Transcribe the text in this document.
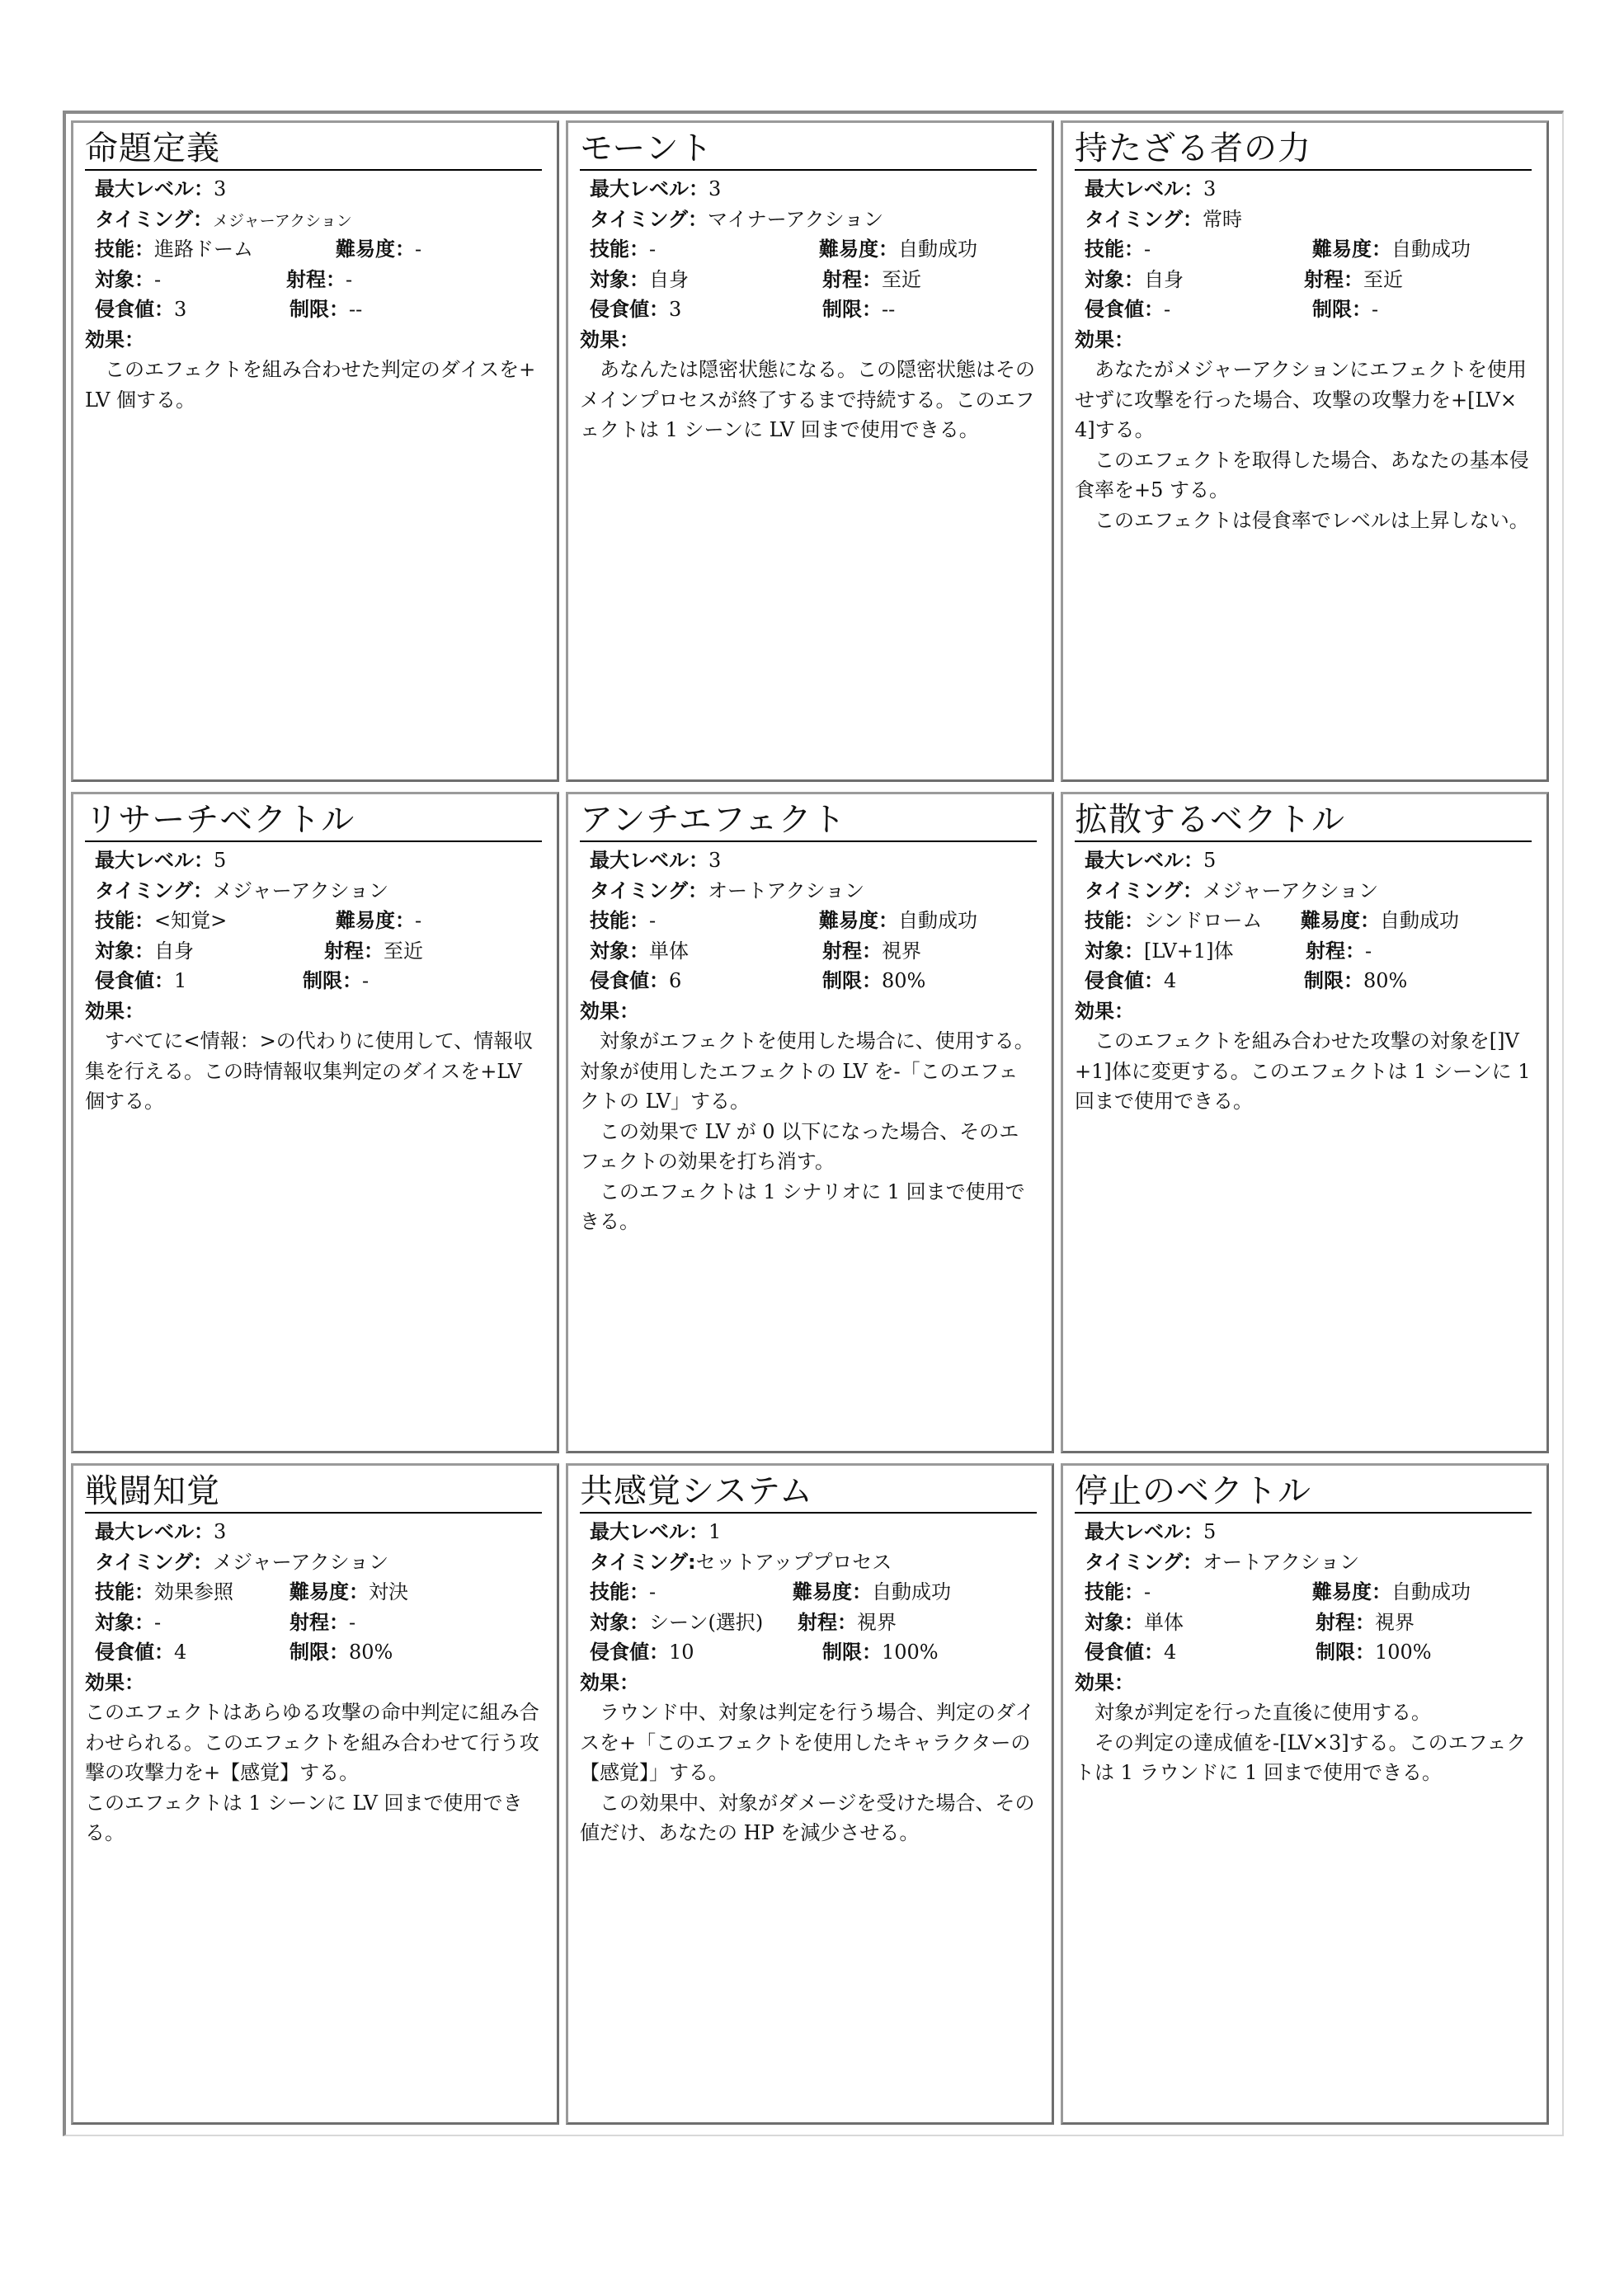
命題定義
最大レベル：3
タイミング：メジャーアクション
技能：進路ドーム	難易度：-
対象：-	射程：-
侵食値：3	制限：--
効果：
　このエフェクトを組み合わせた判定のダイスを+LV 個する。
モーント
最大レベル：3
タイミング：マイナーアクション
技能：-	難易度：自動成功
対象：自身	射程：至近
侵食値：3	制限：--
効果：
　あなんたは隠密状態になる。この隠密状態はそのメインプロセスが終了するまで持続する。このエフェクトは 1 シーンに LV 回まで使用できる。
持たざる者の力
最大レベル：3
タイミング：常時
技能：-	難易度：自動成功
対象：自身	射程：至近
侵食値：-	制限：-
効果：
　あなたがメジャーアクションにエフェクトを使用せずに攻撃を行った場合、攻撃の攻撃力を+[LV×4]する。
　このエフェクトを取得した場合、あなたの基本侵食率を+5 する。
　このエフェクトは侵食率でレベルは上昇しない。
リサーチベクトル
最大レベル：5
タイミング：メジャーアクション
技能：<知覚>	難易度：-
対象：自身	射程：至近
侵食値：1	制限：-
効果：
　すべてに<情報：>の代わりに使用して、情報収集を行える。この時情報収集判定のダイスを+LV 個する。
アンチエフェクト
最大レベル：3
タイミング：オートアクション
技能：-	難易度：自動成功
対象：単体	射程：視界
侵食値：6	制限：80%
効果：
　対象がエフェクトを使用した場合に、使用する。　対象が使用したエフェクトの LV を-「このエフェクトの LV」する。
　この効果で LV が 0 以下になった場合、そのエフェクトの効果を打ち消す。
　このエフェクトは 1 シナリオに 1 回まで使用できる。
拡散するベクトル
最大レベル：5
タイミング：メジャーアクション
技能：シンドローム 難易度：自動成功
対象：[LV+1]体	射程：-
侵食値：4	制限：80%
効果：
　このエフェクトを組み合わせた攻撃の対象を[]V+1]体に変更する。このエフェクトは 1 シーンに 1 回まで使用できる。
戦闘知覚
最大レベル：3
タイミング：メジャーアクション
技能：効果参照	難易度：対決
対象：-	射程：-
侵食値：4	制限：80%
効果：
このエフェクトはあらゆる攻撃の命中判定に組み合わせられる。このエフェクトを組み合わせて行う攻撃の攻撃力を+【感覚】する。
このエフェクトは 1 シーンに LV 回まで使用できる。
共感覚システム
最大レベル：1
タイミング:セットアッププロセス
技能：-	難易度：自動成功
対象：シーン(選択) 射程：視界
侵食値：10	制限：100%
効果：
　ラウンド中、対象は判定を行う場合、判定のダイスを+「このエフェクトを使用したキャラクターの【感覚】」する。
　この効果中、対象がダメージを受けた場合、その値だけ、あなたの HP を減少させる。
停止のベクトル
最大レベル：5
タイミング：オートアクション
技能：-	難易度：自動成功
対象：単体	射程：視界
侵食値：4	制限：100%
効果：
　対象が判定を行った直後に使用する。
　その判定の達成値を-[LV×3]する。このエフェクトは 1 ラウンドに 1 回まで使用できる。
